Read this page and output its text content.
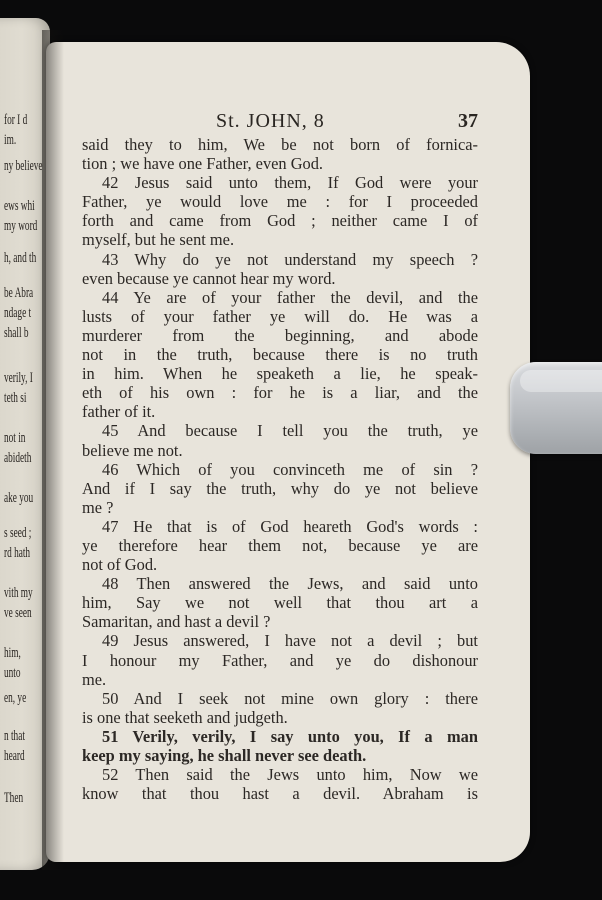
for I d
im.
ny believe
ews whi
my word
h, and th
be Abra
ndage t
shall b
verily, I
teth si
not in
abideth
ake you
s seed ;
rd hath
vith my
ve seen
him,
unto
en, ye
n that
heard
Then
St. JOHN, 8	37
said they to him, We be not born of fornica-
tion ; we have one Father, even God.
42 Jesus said unto them, If God were your
Father, ye would love me : for I proceeded
forth and came from God ; neither came I of
myself, but he sent me.
43 Why do ye not understand my speech ?
even because ye cannot hear my word.
44 Ye are of your father the devil, and the
lusts of your father ye will do. He was a
murderer from the beginning, and abode
not in the truth, because there is no truth
in him. When he speaketh a lie, he speak-
eth of his own : for he is a liar, and the
father of it.
45 And because I tell you the truth, ye
believe me not.
46 Which of you convinceth me of sin ?
And if I say the truth, why do ye not believe
me ?
47 He that is of God heareth God's words :
ye therefore hear them not, because ye are
not of God.
48 Then answered the Jews, and said unto
him, Say we not well that thou art a
Samaritan, and hast a devil ?
49 Jesus answered, I have not a devil ; but
I honour my Father, and ye do dishonour
me.
50 And I seek not mine own glory : there
is one that seeketh and judgeth.
51 Verily, verily, I say unto you, If a man
keep my saying, he shall never see death.
52 Then said the Jews unto him, Now we
know that thou hast a devil. Abraham is
